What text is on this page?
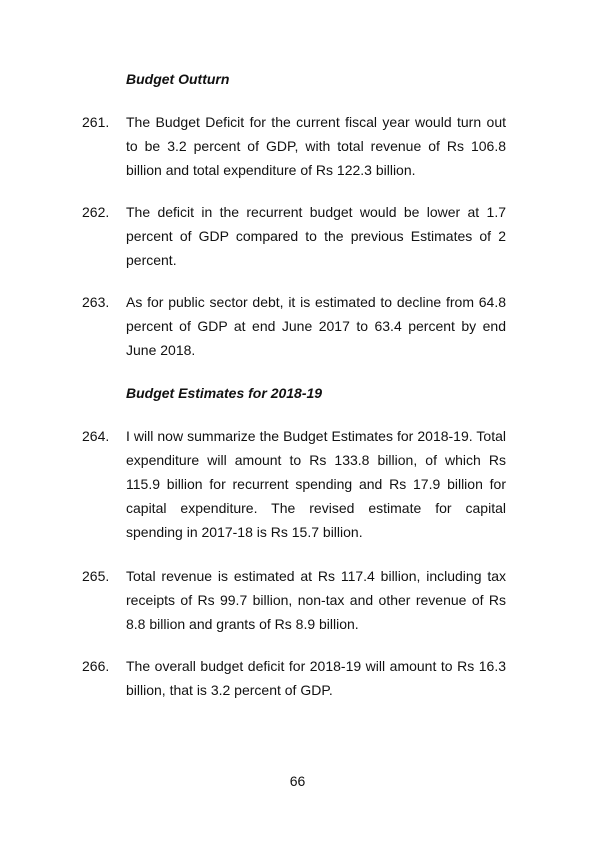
Budget Outturn
261. The Budget Deficit for the current fiscal year would turn out to be 3.2 percent of GDP, with total revenue of Rs 106.8 billion and total expenditure of Rs 122.3 billion.
262. The deficit in the recurrent budget would be lower at 1.7 percent of GDP compared to the previous Estimates of 2 percent.
263. As for public sector debt, it is estimated to decline from 64.8 percent of GDP at end June 2017 to 63.4 percent by end June 2018.
Budget Estimates for 2018-19
264. I will now summarize the Budget Estimates for 2018-19. Total expenditure will amount to Rs 133.8 billion, of which Rs 115.9 billion for recurrent spending and Rs 17.9 billion for capital expenditure. The revised estimate for capital spending in 2017-18 is Rs 15.7 billion.
265. Total revenue is estimated at Rs 117.4 billion, including tax receipts of Rs 99.7 billion, non-tax and other revenue of Rs 8.8 billion and grants of Rs 8.9 billion.
266. The overall budget deficit for 2018-19 will amount to Rs 16.3 billion, that is 3.2 percent of GDP.
66
